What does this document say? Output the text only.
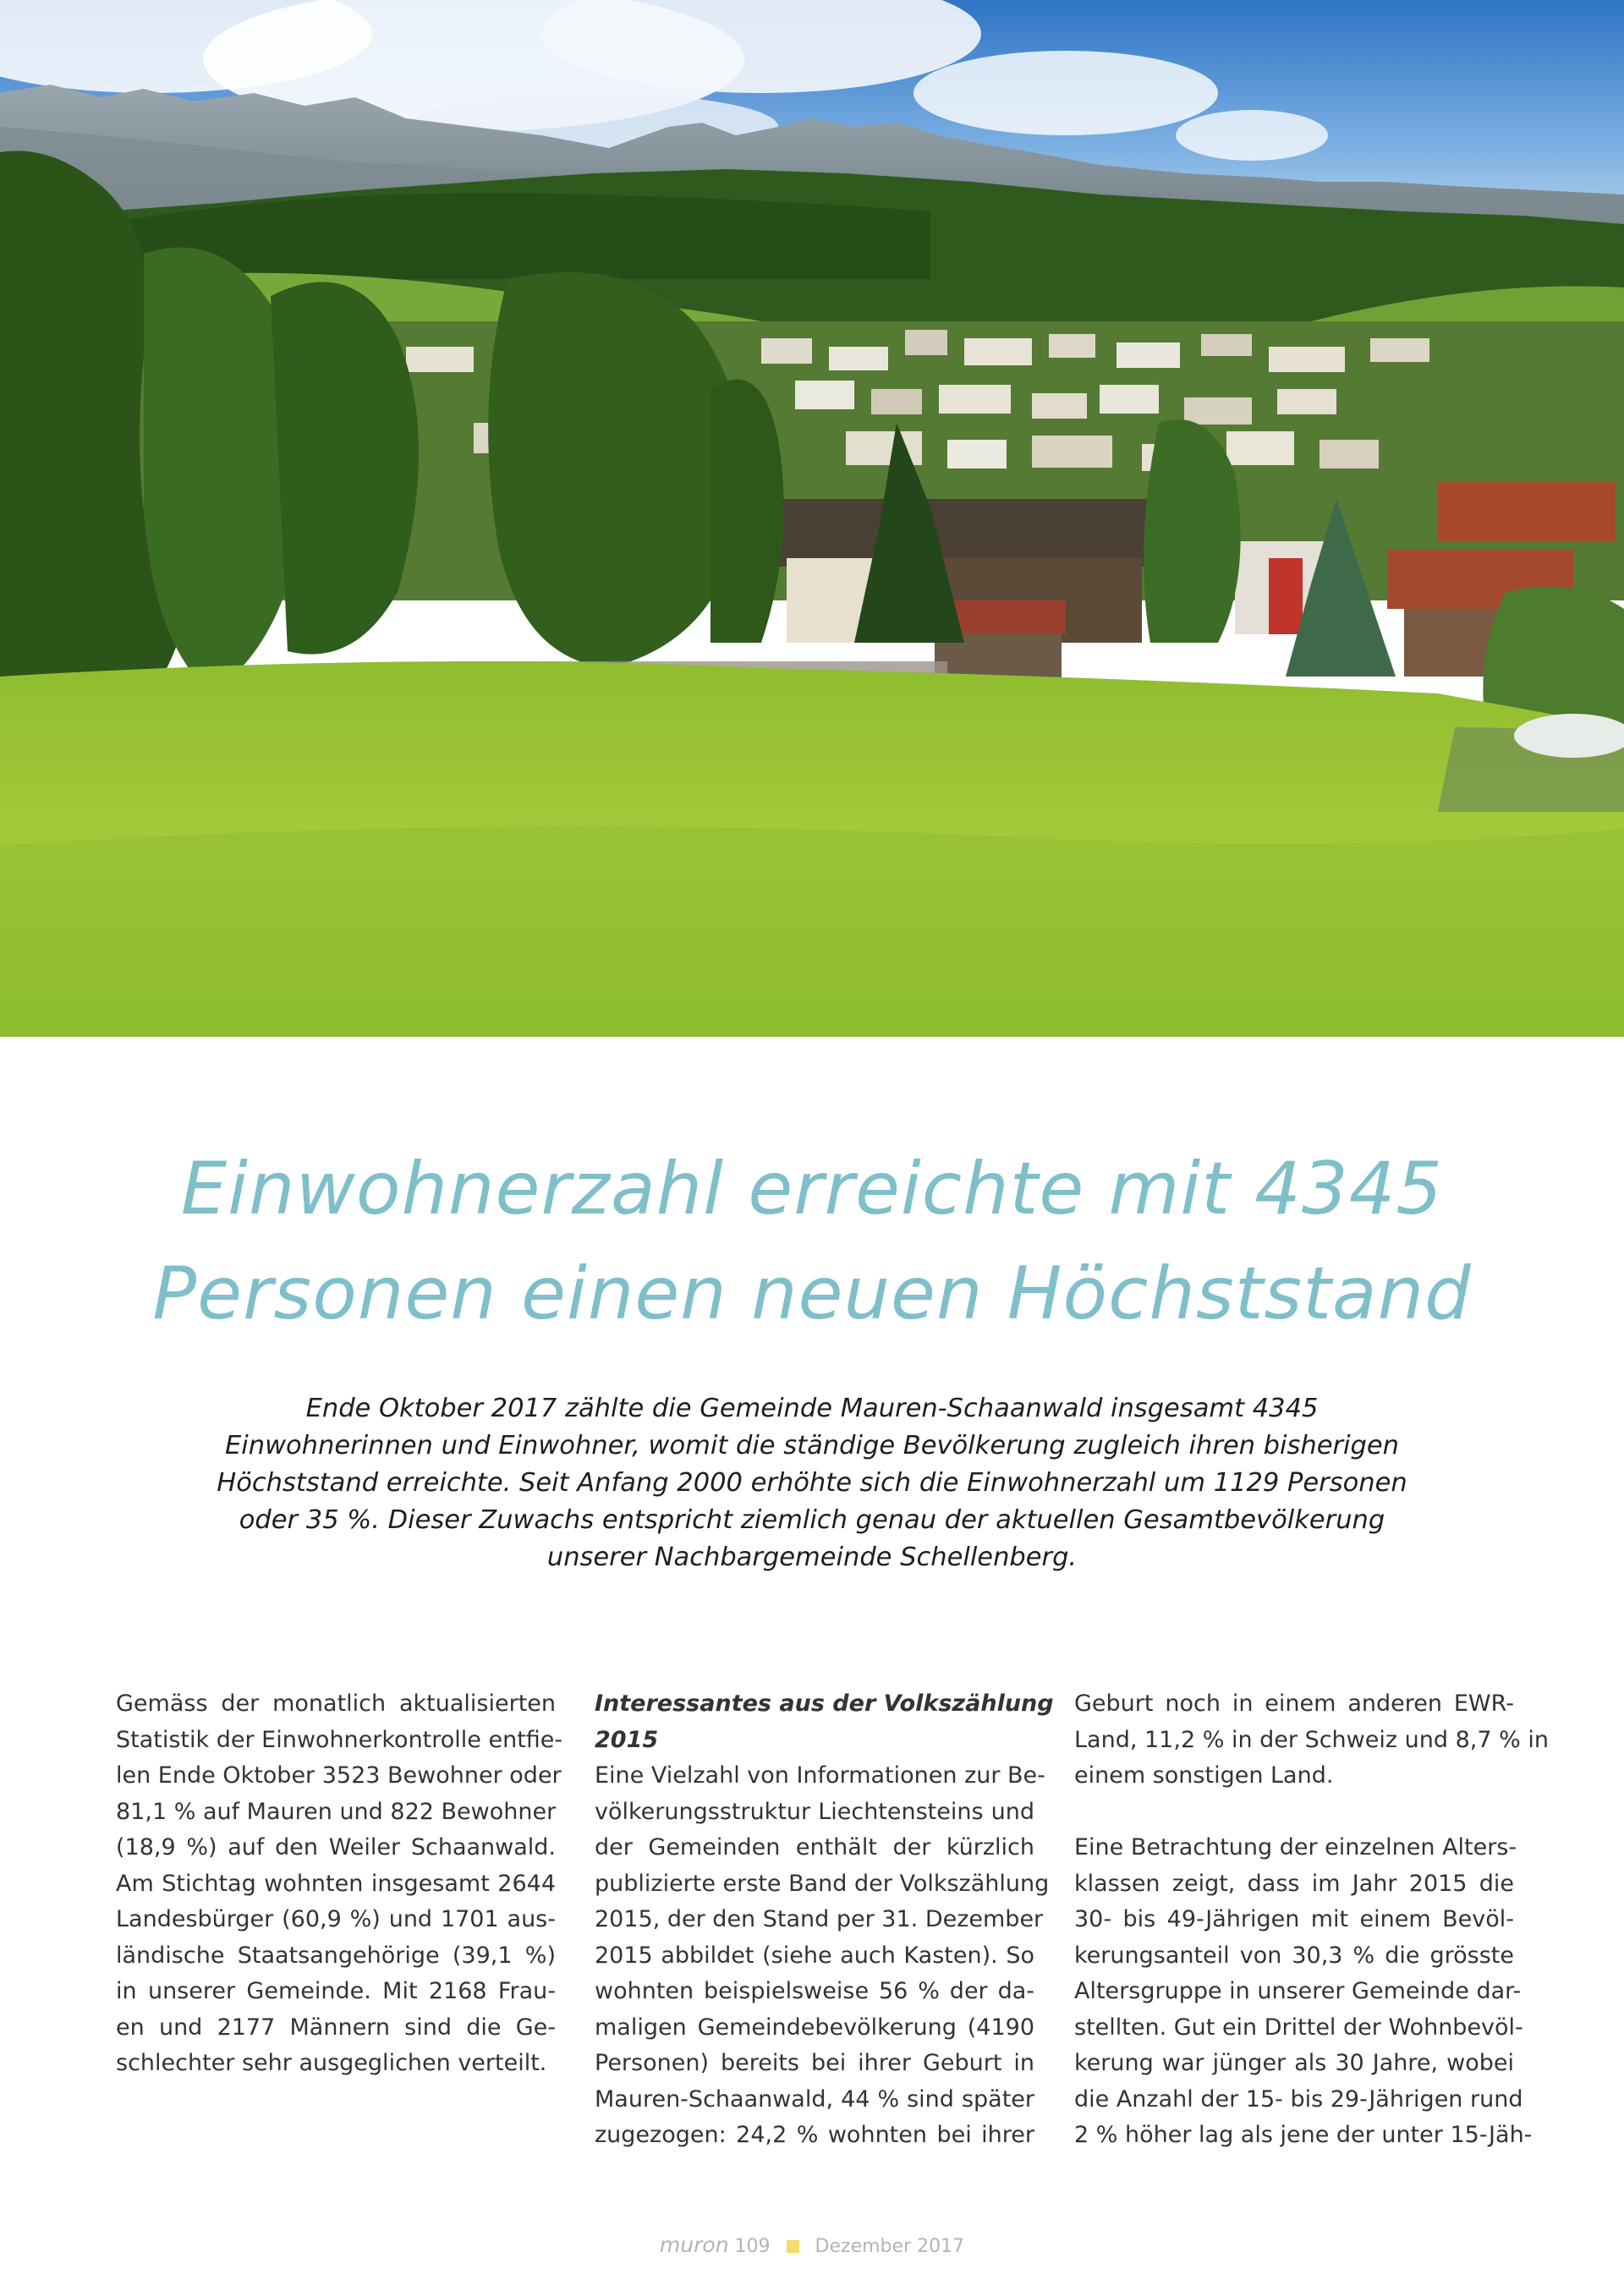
Einwohnerzahl erreichte mit 4345
Personen einen neuen Höchststand
Ende Oktober 2017 zählte die Gemeinde Mauren-Schaanwald insgesamt 4345
Einwohnerinnen und Einwohner, womit die ständige Bevölkerung zugleich ihren bisherigen
Höchststand erreichte. Seit Anfang 2000 erhöhte sich die Einwohnerzahl um 1129 Personen
oder 35 %. Dieser Zuwachs entspricht ziemlich genau der aktuellen Gesamtbevölkerung
unserer Nachbargemeinde Schellenberg.
Gemäss der monatlich aktualisierten
Statistik der Einwohnerkontrolle entfie-
len Ende Oktober 3523 Bewohner oder
81,1 % auf Mauren und 822 Bewohner
(18,9 %) auf den Weiler Schaanwald.
Am Stichtag wohnten insgesamt 2644
Landesbürger (60,9 %) und 1701 aus-
ländische Staatsangehörige (39,1 %)
in unserer Gemeinde. Mit 2168 Frau-
en und 2177 Männern sind die Ge-
schlechter sehr ausgeglichen verteilt.
Interessantes aus der Volkszählung
2015
Eine Vielzahl von Informationen zur Be-
völkerungsstruktur Liechtensteins und
der Gemeinden enthält der kürzlich
publizierte erste Band der Volkszählung
2015, der den Stand per 31. Dezember
2015 abbildet (siehe auch Kasten). So
wohnten beispielsweise 56 % der da-
maligen Gemeindebevölkerung (4190
Personen) bereits bei ihrer Geburt in
Mauren-Schaanwald, 44 % sind später
zugezogen: 24,2 % wohnten bei ihrer
Geburt noch in einem anderen EWR-
Land, 11,2 % in der Schweiz und 8,7 % in
einem sonstigen Land.
Eine Betrachtung der einzelnen Alters-
klassen zeigt, dass im Jahr 2015 die
30- bis 49-Jährigen mit einem Bevöl-
kerungsanteil von 30,3 % die grösste
Altersgruppe in unserer Gemeinde dar-
stellten. Gut ein Drittel der Wohnbevöl-
kerung war jünger als 30 Jahre, wobei
die Anzahl der 15- bis 29-Jährigen rund
2 % höher lag als jene der unter 15-Jäh-
muron 109 Dezember 2017
